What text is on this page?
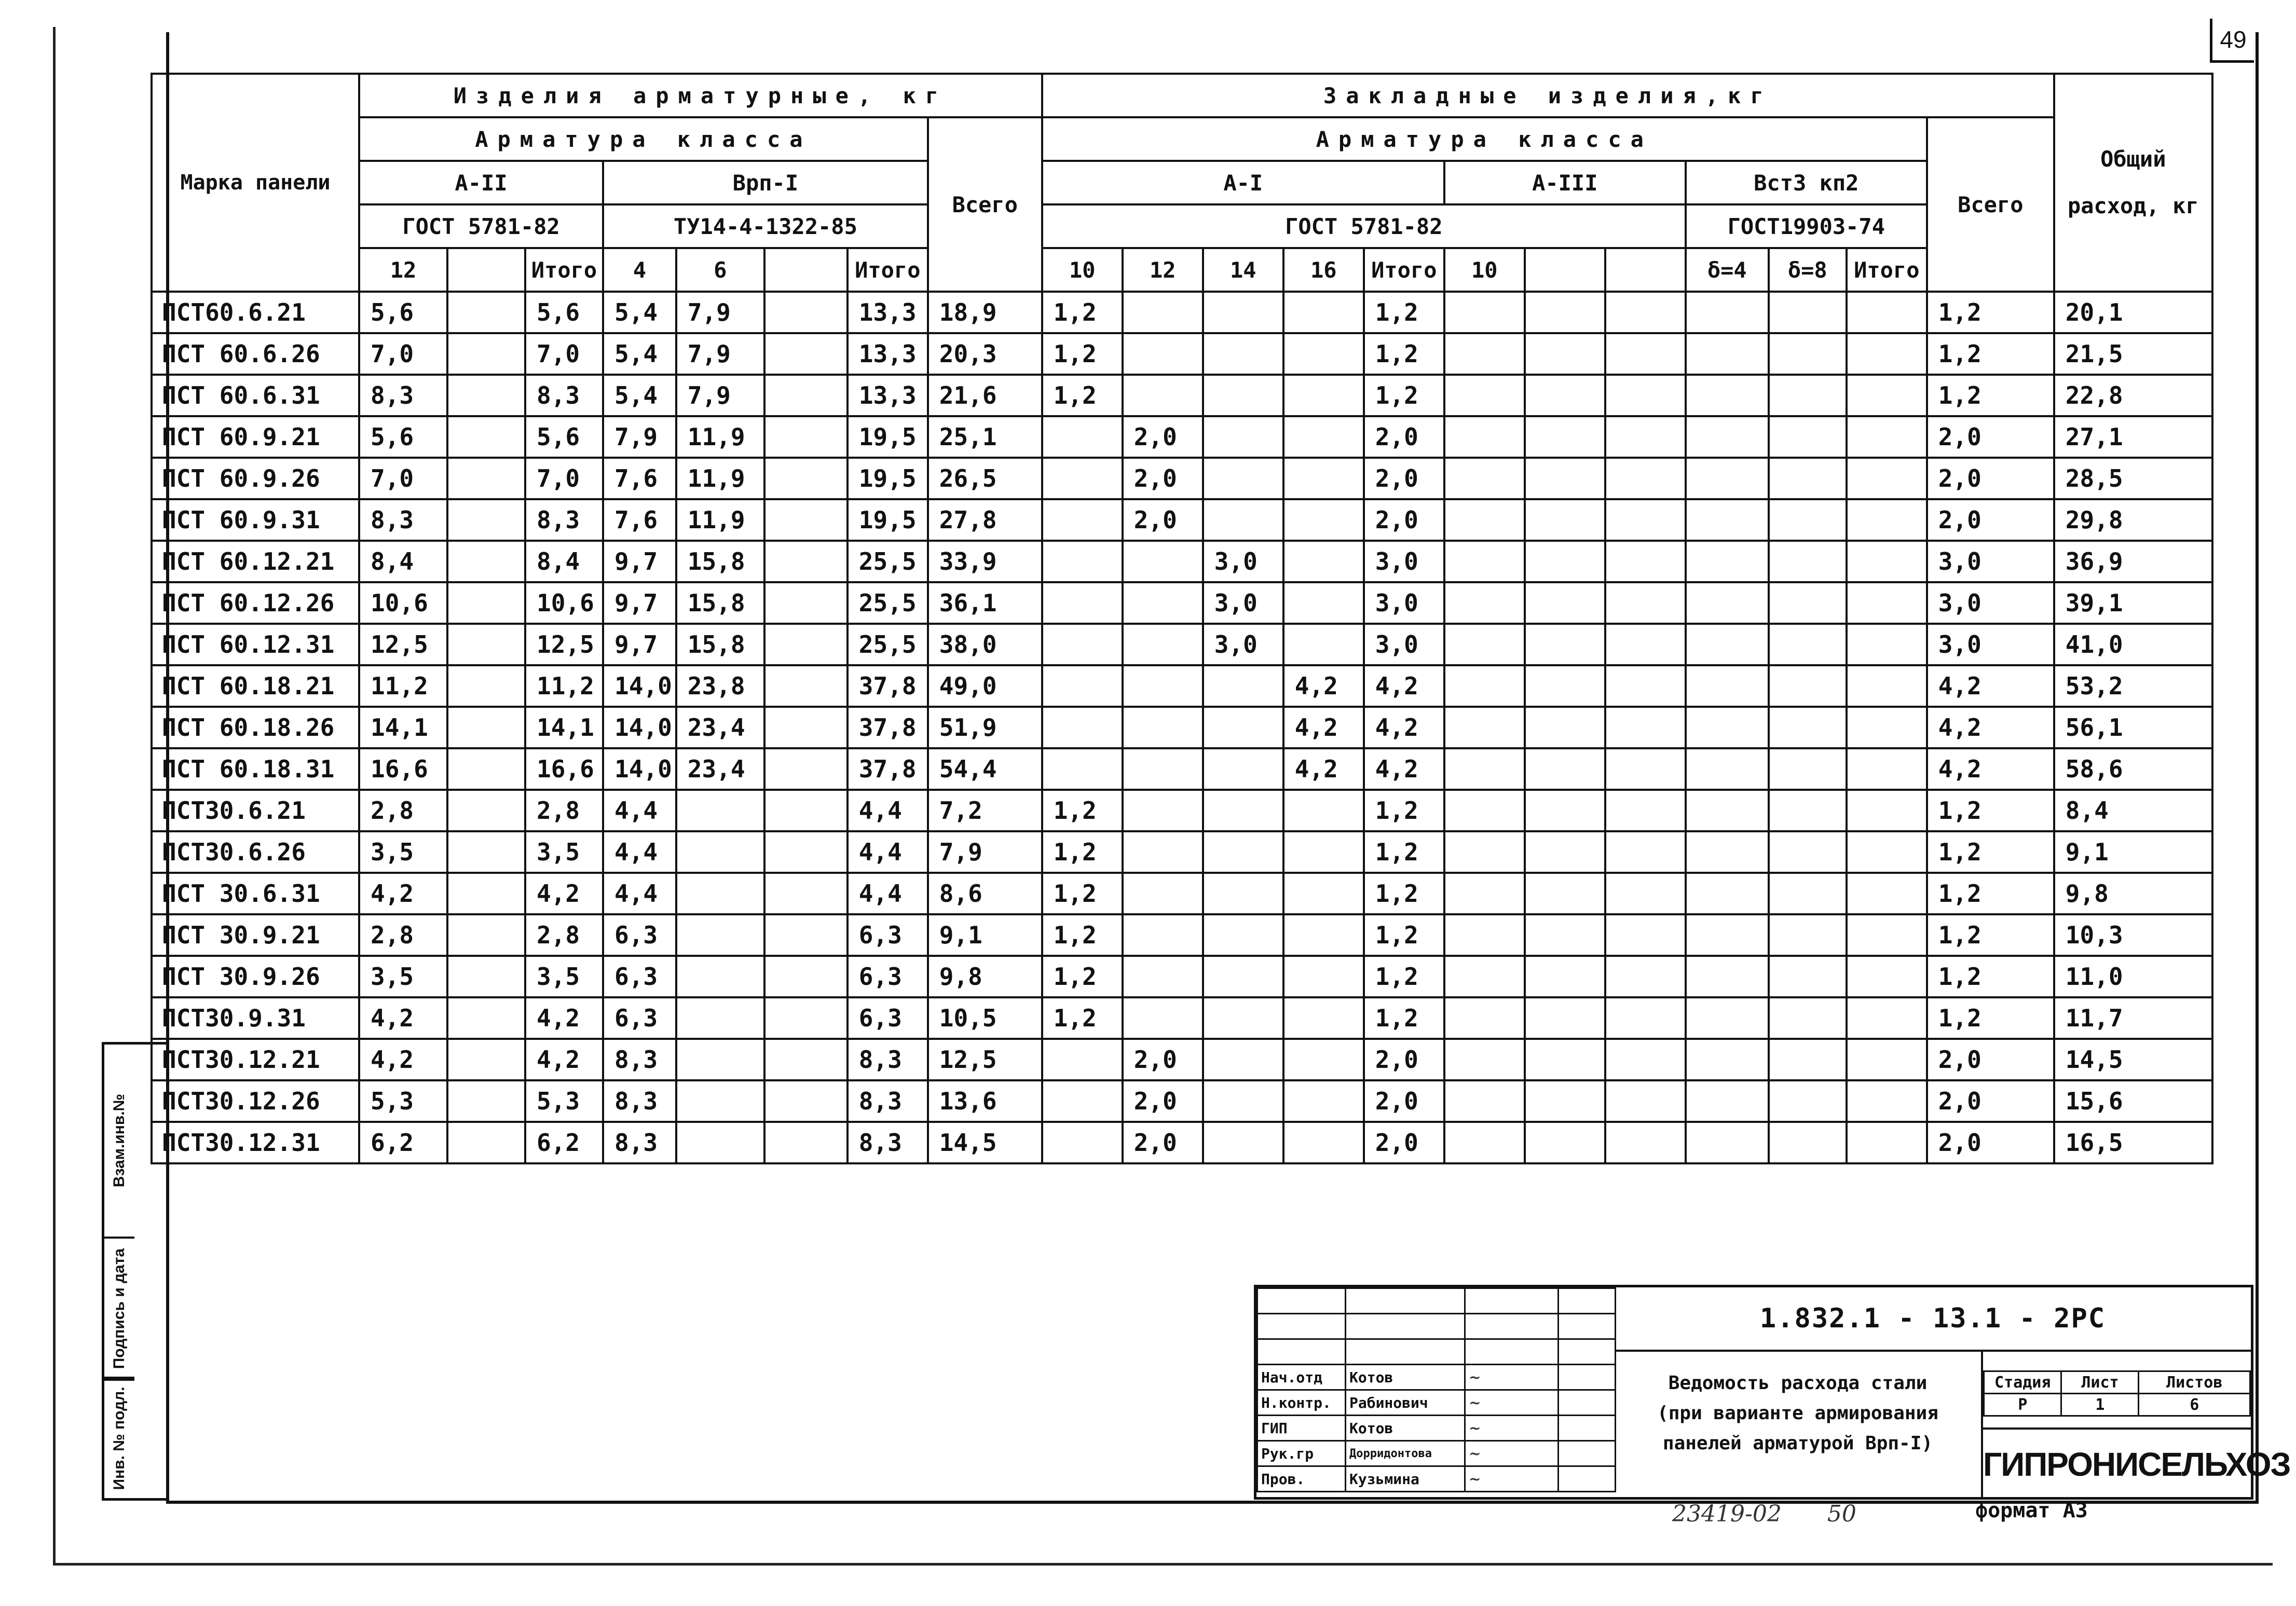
49
Марка панели	Изделия арматурные, кг								Закладные изделия,кг												Общий расход, кг
	Арматура класса							Всего	Арматура класса											Всего	
	А-II			Врп-I					А-I					А-III			Вст3 кп2				
	ГОСТ 5781-82			ТУ14-4-1322-85					ГОСТ 5781-82								ГОСТ19903-74				
	12		Итого	4	6		Итого		10	12	14	16	Итого	10			δ=4	δ=8	Итого		
ПСТ60.6.21	5,6		5,6	5,4	7,9		13,3	18,9	1,2				1,2							1,2	20,1
ПСТ 60.6.26	7,0		7,0	5,4	7,9		13,3	20,3	1,2				1,2							1,2	21,5
ПСТ 60.6.31	8,3		8,3	5,4	7,9		13,3	21,6	1,2				1,2							1,2	22,8
ПСТ 60.9.21	5,6		5,6	7,9	11,9		19,5	25,1		2,0			2,0							2,0	27,1
ПСТ 60.9.26	7,0		7,0	7,6	11,9		19,5	26,5		2,0			2,0							2,0	28,5
ПСТ 60.9.31	8,3		8,3	7,6	11,9		19,5	27,8		2,0			2,0							2,0	29,8
ПСТ 60.12.21	8,4		8,4	9,7	15,8		25,5	33,9			3,0		3,0							3,0	36,9
ПСТ 60.12.26	10,6		10,6	9,7	15,8		25,5	36,1			3,0		3,0							3,0	39,1
ПСТ 60.12.31	12,5		12,5	9,7	15,8		25,5	38,0			3,0		3,0							3,0	41,0
ПСТ 60.18.21	11,2		11,2	14,0	23,8		37,8	49,0				4,2	4,2							4,2	53,2
ПСТ 60.18.26	14,1		14,1	14,0	23,4		37,8	51,9				4,2	4,2							4,2	56,1
ПСТ 60.18.31	16,6		16,6	14,0	23,4		37,8	54,4				4,2	4,2							4,2	58,6
ПСТ30.6.21	2,8		2,8	4,4			4,4	7,2	1,2				1,2							1,2	8,4
ПСТ30.6.26	3,5		3,5	4,4			4,4	7,9	1,2				1,2							1,2	9,1
ПСТ 30.6.31	4,2		4,2	4,4			4,4	8,6	1,2				1,2							1,2	9,8
ПСТ 30.9.21	2,8		2,8	6,3			6,3	9,1	1,2				1,2							1,2	10,3
ПСТ 30.9.26	3,5		3,5	6,3			6,3	9,8	1,2				1,2							1,2	11,0
ПСТ30.9.31	4,2		4,2	6,3			6,3	10,5	1,2				1,2							1,2	11,7
ПСТ30.12.21	4,2		4,2	8,3			8,3	12,5		2,0			2,0							2,0	14,5
ПСТ30.12.26	5,3		5,3	8,3			8,3	13,6		2,0			2,0							2,0	15,6
ПСТ30.12.31	6,2		6,2	8,3			8,3	14,5		2,0			2,0							2,0	16,5

Взам.инв.№
Подпись и дата
Инв. № подл.

Нач.отд	Котов	~	
Н.контр.	Рабинович	~	
ГИП	Котов	~	
Рук.гр	Дорридонтова	~	
Пров.	Кузьмина	~	
1.832.1 - 13.1 - 2РС
Ведомость расхода стали
(при варианте армирования
панелей арматурой Врп-I)
Стадия	Лист	Листов
Р	1	6
ГИПРОНИСЕЛЬХОЗ
23419-02 50	формат А3
